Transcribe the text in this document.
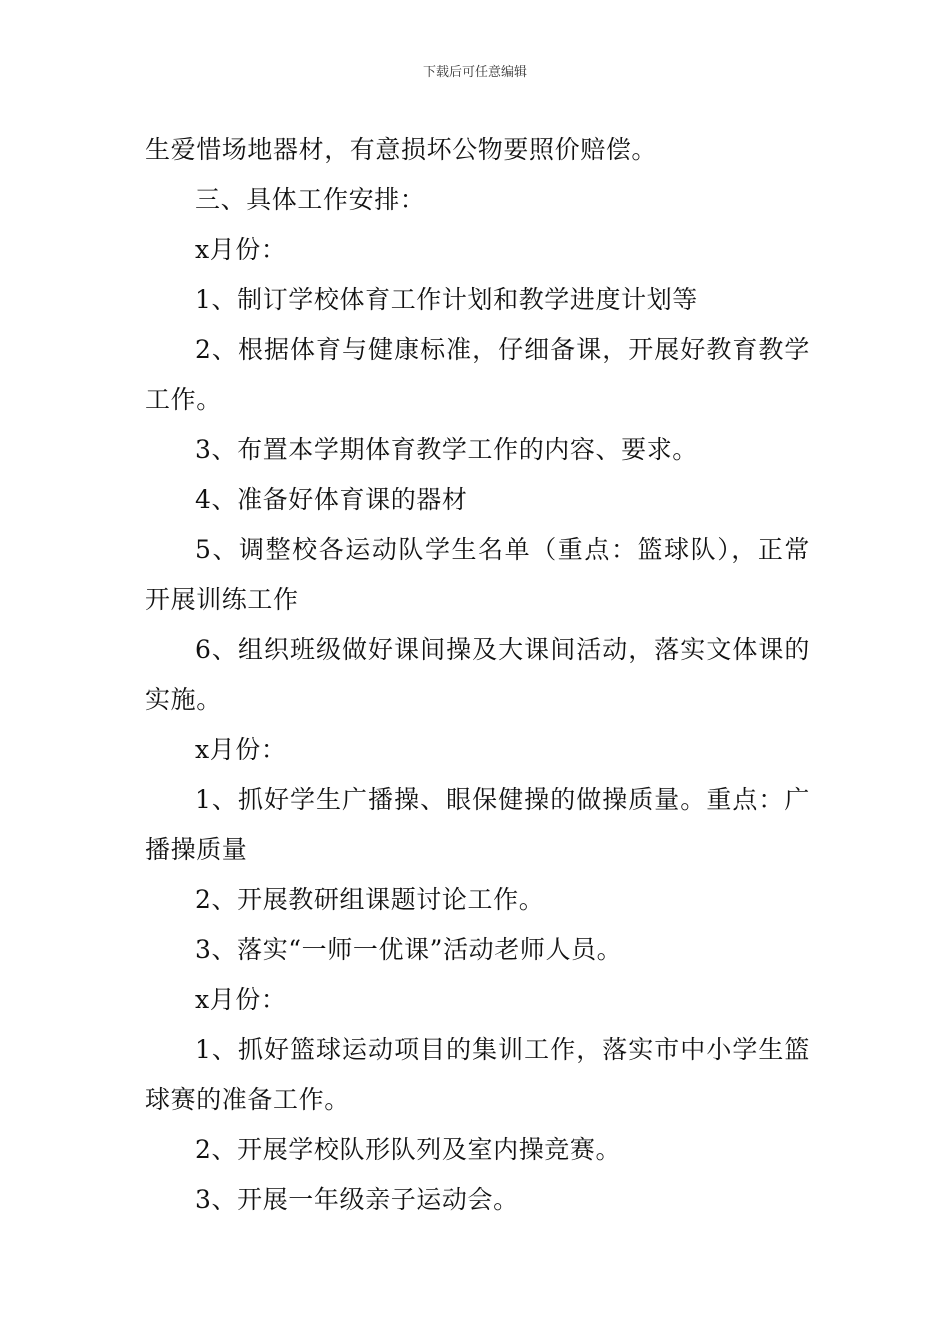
下载后可任意编辑

生爱惜场地器材，有意损坏公物要照价赔偿。

三、具体工作安排：

x月份：

1、制订学校体育工作计划和教学进度计划等

2、根据体育与健康标准，仔细备课，开展好教育教学工作。

3、布置本学期体育教学工作的内容、要求。

4、准备好体育课的器材

5、调整校各运动队学生名单（重点：篮球队），正常开展训练工作

6、组织班级做好课间操及大课间活动，落实文体课的实施。

x月份：

1、抓好学生广播操、眼保健操的做操质量。重点：广播操质量

2、开展教研组课题讨论工作。

3、落实“一师一优课”活动老师人员。

x月份：

1、抓好篮球运动项目的集训工作，落实市中小学生篮球赛的准备工作。

2、开展学校队形队列及室内操竞赛。

3、开展一年级亲子运动会。
